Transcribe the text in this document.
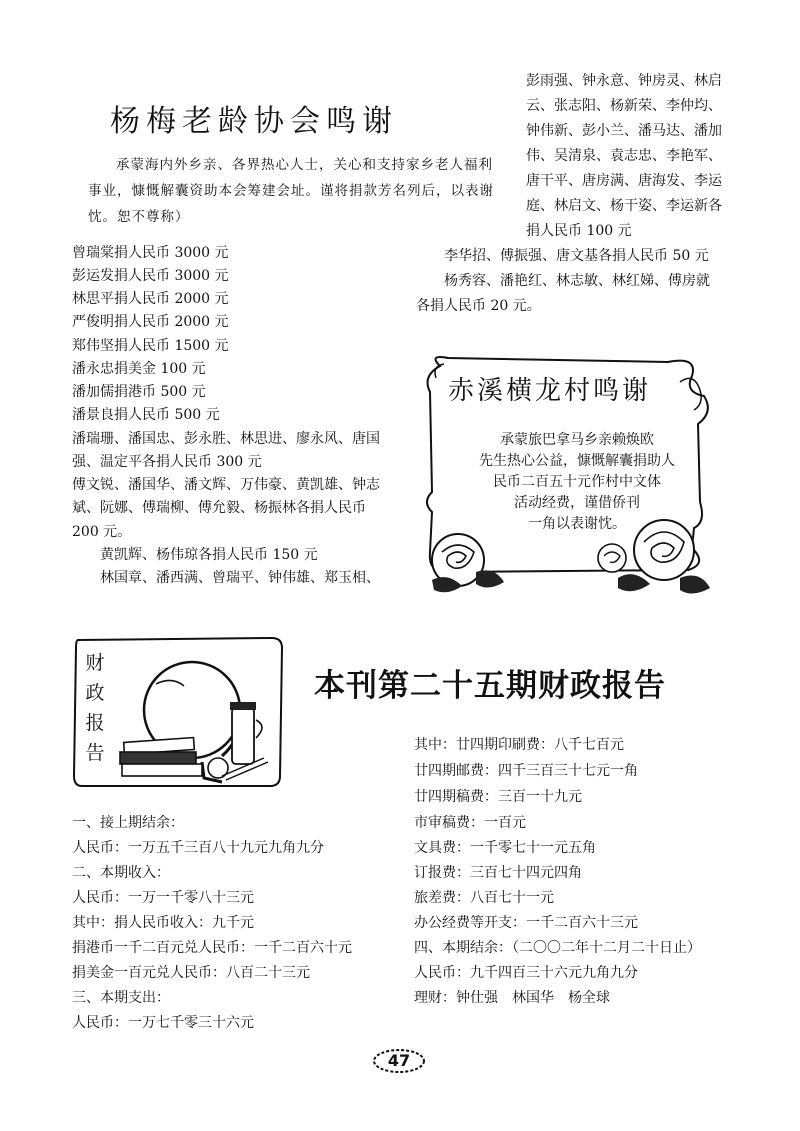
杨梅老龄协会鸣谢
承蒙海内外乡亲、各界热心人士，关心和支持家乡老人福利事业，慷慨解囊资助本会筹建会址。谨将捐款芳名列后，以表谢忱。恕不尊称）
曾瑞棠捐人民币 3000 元
彭运发捐人民币 3000 元
林思平捐人民币 2000 元
严俊明捐人民币 2000 元
郑伟坚捐人民币 1500 元
潘永忠捐美金 100 元
潘加儒捐港币 500 元
潘景良捐人民币 500 元
潘瑞珊、潘国忠、彭永胜、林思进、廖永风、唐国
强、温定平各捐人民币 300 元
傅文锐、潘国华、潘文辉、万伟豪、黄凯雄、钟志
斌、阮娜、傅瑞柳、傅允毅、杨振林各捐人民币
200 元。
黄凯辉、杨伟琼各捐人民币 150 元
林国章、潘西满、曾瑞平、钟伟雄、郑玉相、
彭雨强、钟永意、钟房灵、林启
云、张志阳、杨新荣、李仲均、
钟伟新、彭小兰、潘马达、潘加
伟、吴清泉、袁志忠、李艳军、
唐干平、唐房满、唐海发、李运
庭、林启文、杨干姿、李运新各
捐人民币 100 元
李华招、傅振强、唐文基各捐人民币 50 元
杨秀容、潘艳红、林志敏、林红娣、傅房就
各捐人民币 20 元。
赤溪横龙村鸣谢
承蒙旅巴拿马乡亲赖焕欧
先生热心公益，慷慨解囊捐助人
民币二百五十元作村中文体
活动经费，谨借侨刊
一角以表谢忱。
财
政
报
告
本刊第二十五期财政报告
一、接上期结余：
人民币：一万五千三百八十九元九角九分
二、本期收入：
人民币：一万一千零八十三元
其中：捐人民币收入：九千元
捐港币一千二百元兑人民币：一千二百六十元
捐美金一百元兑人民币：八百二十三元
三、本期支出：
人民币：一万七千零三十六元
其中：廿四期印刷费：八千七百元
廿四期邮费：四千三百三十七元一角
廿四期稿费：三百一十九元
市审稿费：一百元
文具费：一千零七十一元五角
订报费：三百七十四元四角
旅差费：八百七十一元
办公经费等开支：一千二百六十三元
四、本期结余：（二〇〇二年十二月二十日止）
人民币：九千四百三十六元九角九分
理财：钟仕强　林国华　杨全球
47
